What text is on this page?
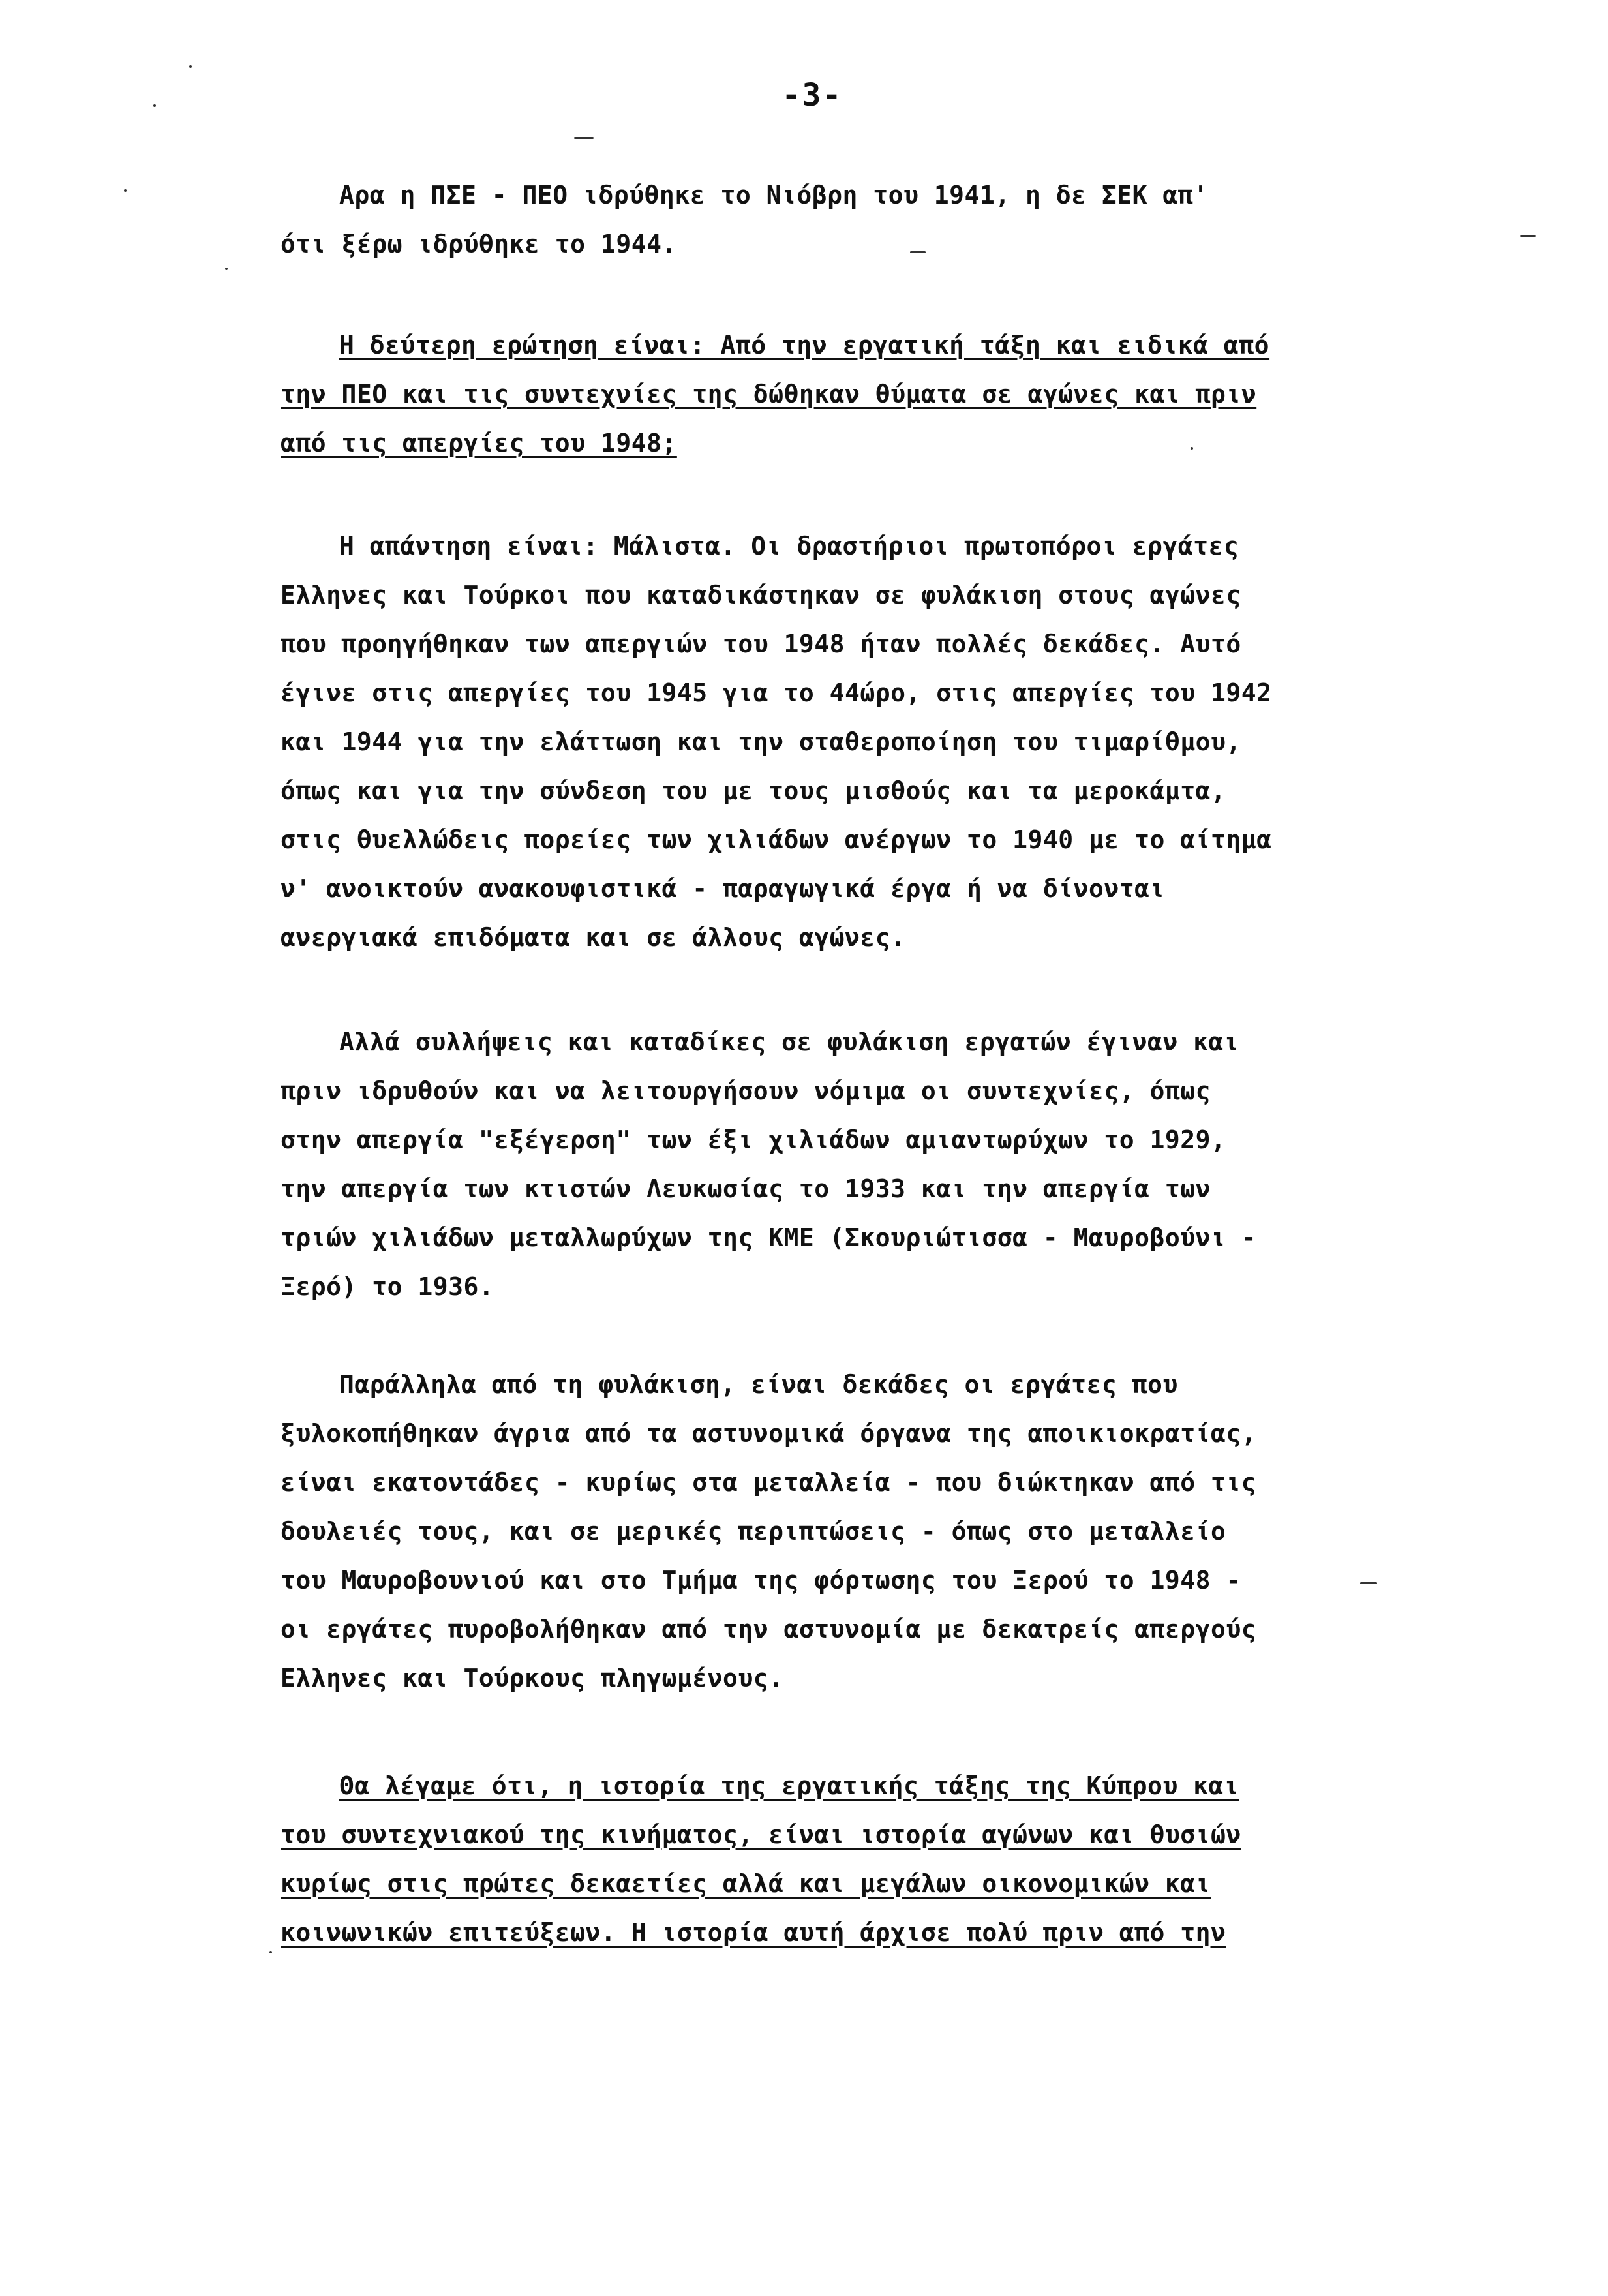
-3-
Αρα η ΠΣΕ - ΠΕΟ ιδρύθηκε το Νιόβρη του 1941, η δε ΣΕΚ απ'
ότι ξέρω ιδρύθηκε το 1944.
Η δεύτερη ερώτηση είναι: Από την εργατική τάξη και ειδικά από
την ΠΕΟ και τις συντεχνίες της δώθηκαν θύματα σε αγώνες και πριν
από τις απεργίες του 1948;
Η απάντηση είναι: Μάλιστα. Οι δραστήριοι πρωτοπόροι εργάτες
Ελληνες και Τούρκοι που καταδικάστηκαν σε φυλάκιση στους αγώνες
που προηγήθηκαν των απεργιών του 1948 ήταν πολλές δεκάδες. Αυτό
έγινε στις απεργίες του 1945 για το 44ώρο, στις απεργίες του 1942
και 1944 για την ελάττωση και την σταθεροποίηση του τιμαρίθμου,
όπως και για την σύνδεση του με τους μισθούς και τα μεροκάμτα,
στις θυελλώδεις πορείες των χιλιάδων ανέργων το 1940 με το αίτημα
ν' ανοικτούν ανακουφιστικά - παραγωγικά έργα ή να δίνονται
ανεργιακά επιδόματα και σε άλλους αγώνες.
Αλλά συλλήψεις και καταδίκες σε φυλάκιση εργατών έγιναν και
πριν ιδρυθούν και να λειτουργήσουν νόμιμα οι συντεχνίες, όπως
στην απεργία "εξέγερση" των έξι χιλιάδων αμιαντωρύχων το 1929,
την απεργία των κτιστών Λευκωσίας το 1933 και την απεργία των
τριών χιλιάδων μεταλλωρύχων της ΚΜΕ (Σκουριώτισσα - Μαυροβούνι -
Ξερό) το 1936.
Παράλληλα από τη φυλάκιση, είναι δεκάδες οι εργάτες που
ξυλοκοπήθηκαν άγρια από τα αστυνομικά όργανα της αποικιοκρατίας,
είναι εκατοντάδες - κυρίως στα μεταλλεία - που διώκτηκαν από τις
δουλειές τους, και σε μερικές περιπτώσεις - όπως στο μεταλλείο
του Μαυροβουνιού και στο Τμήμα της φόρτωσης του Ξερού το 1948 -
οι εργάτες πυροβολήθηκαν από την αστυνομία με δεκατρείς απεργούς
Ελληνες και Τούρκους πληγωμένους.
Θα λέγαμε ότι, η ιστορία της εργατικής τάξης της Κύπρου και
του συντεχνιακού της κινήματος, είναι ιστορία αγώνων και θυσιών
κυρίως στις πρώτες δεκαετίες αλλά και μεγάλων οικονομικών και
κοινωνικών επιτεύξεων. Η ιστορία αυτή άρχισε πολύ πριν από την
